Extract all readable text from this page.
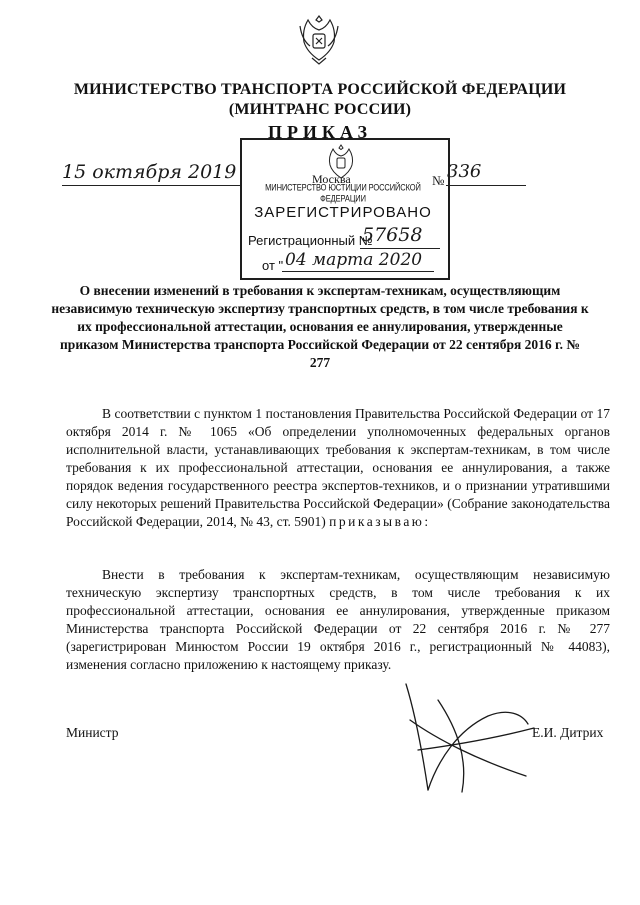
МИНИСТЕРСТВО ТРАНСПОРТА РОССИЙСКОЙ ФЕДЕРАЦИИ
(МИНТРАНС РОССИИ)
ПРИКАЗ
15 октября 2019	Москва	№ 336
МИНИСТЕРСТВО ЮСТИЦИИ РОССИЙСКОЙ ФЕДЕРАЦИИ
ЗАРЕГИСТРИРОВАНО
Регистрационный №
57658
от " 04 марта 2020
О внесении изменений в требования к экспертам-техникам, осуществляющим независимую техническую экспертизу транспортных средств, в том числе требования к их профессиональной аттестации, основания ее аннулирования, утвержденные приказом Министерства транспорта Российской Федерации от 22 сентября 2016 г. № 277
В соответствии с пунктом 1 постановления Правительства Российской Федерации от 17 октября 2014 г. № 1065 «Об определении уполномоченных федеральных органов исполнительной власти, устанавливающих требования к экспертам-техникам, в том числе требования к их профессиональной аттестации, основания ее аннулирования, а также порядок ведения государственного реестра экспертов-техников, и о признании утратившими силу некоторых решений Правительства Российской Федерации» (Собрание законодательства Российской Федерации, 2014, № 43, ст. 5901) приказываю:
Внести в требования к экспертам-техникам, осуществляющим независимую техническую экспертизу транспортных средств, в том числе требования к их профессиональной аттестации, основания ее аннулирования, утвержденные приказом Министерства транспорта Российской Федерации от 22 сентября 2016 г. № 277 (зарегистрирован Минюстом России 19 октября 2016 г., регистрационный № 44083), изменения согласно приложению к настоящему приказу.
Министр	Е.И. Дитрих
